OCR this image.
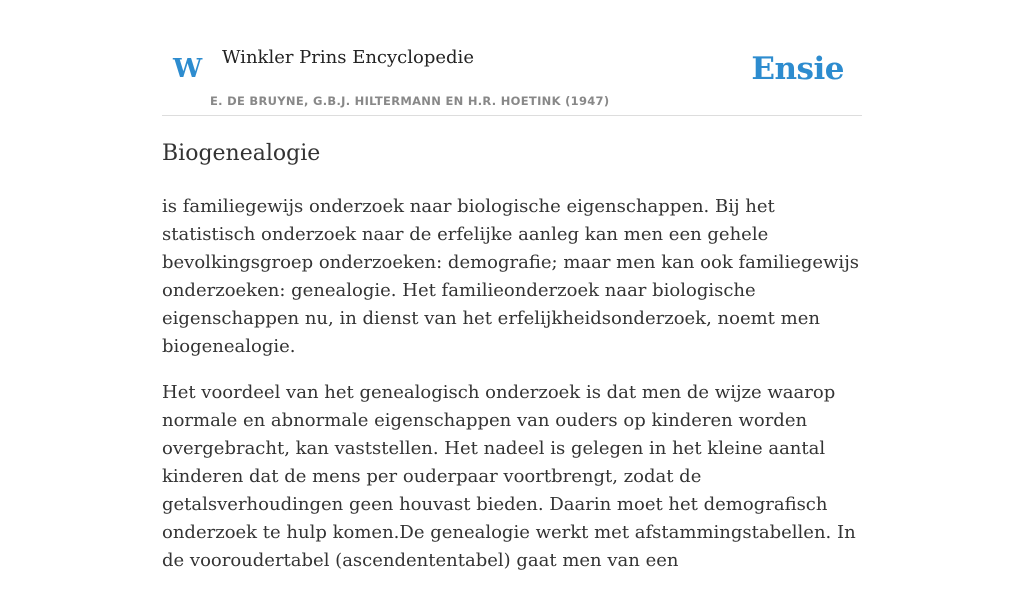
W Winkler Prins Encyclopedie
E. DE BRUYNE, G.B.J. HILTERMANN EN H.R. HOETINK (1947)
Ensie
Biogenealogie

is familiegewijs onderzoek naar biologische eigenschappen. Bij het statistisch onderzoek naar de erfelijke aanleg kan men een gehele bevolkingsgroep onderzoeken: demografie; maar men kan ook familiegewijs onderzoeken: genealogie. Het familieonderzoek naar biologische eigenschappen nu, in dienst van het erfelijkheidsonderzoek, noemt men biogenealogie.

Het voordeel van het genealogisch onderzoek is dat men de wijze waarop normale en abnormale eigenschappen van ouders op kinderen worden overgebracht, kan vaststellen. Het nadeel is gelegen in het kleine aantal kinderen dat de mens per ouderpaar voortbrengt, zodat de getalsverhoudingen geen houvast bieden. Daarin moet het demografisch onderzoek te hulp komen.De genealogie werkt met afstammingstabellen. In de vooroudertabel (ascendententabel) gaat men van een
